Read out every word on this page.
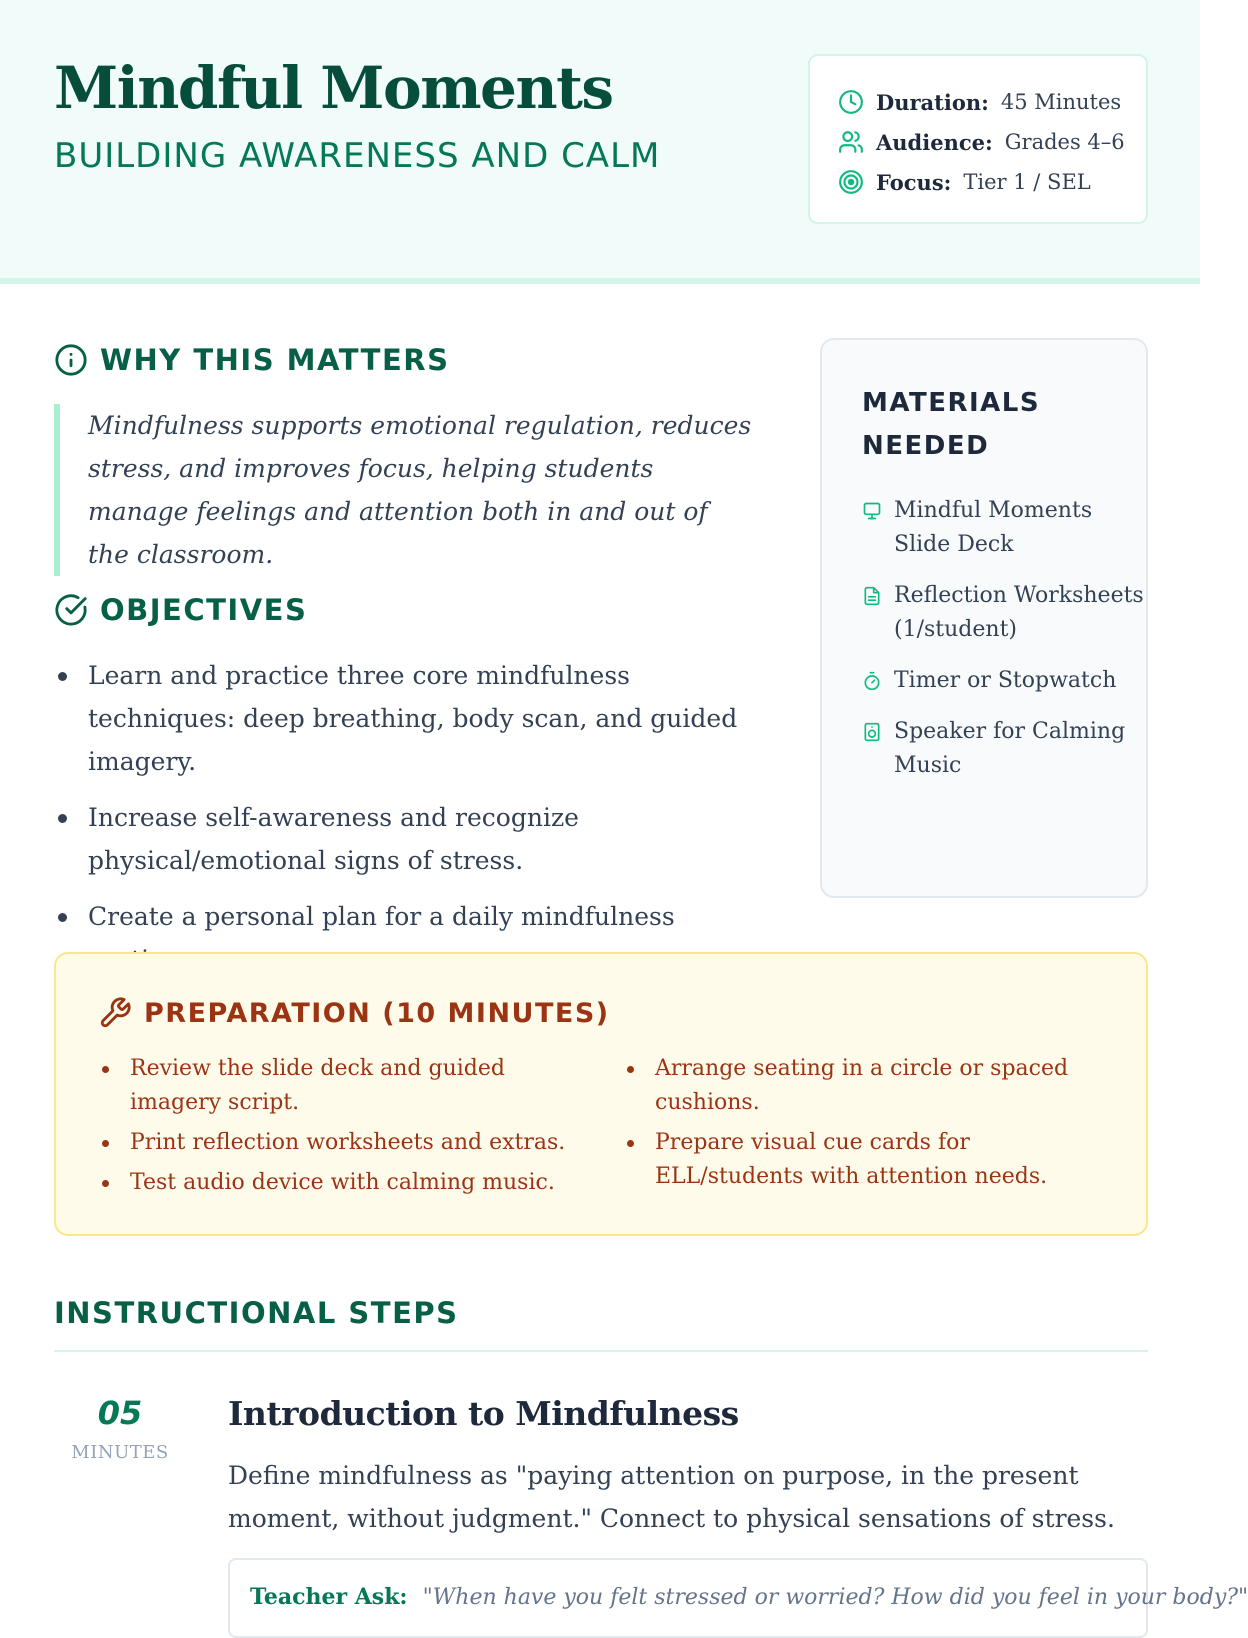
Mindful Moments
BUILDING AWARENESS AND CALM
Duration: 45 Minutes
Audience: Grades 4–6
Focus: Tier 1 / SEL
WHY THIS MATTERS
Mindfulness supports emotional regulation, reduces stress, and improves focus, helping students manage feelings and attention both in and out of the classroom.
OBJECTIVES
Learn and practice three core mindfulness techniques: deep breathing, body scan, and guided imagery.
Increase self-awareness and recognize physical/emotional signs of stress.
Create a personal plan for a daily mindfulness
MATERIALS NEEDED
Mindful Moments Slide Deck
Reflection Worksheets (1/student)
Timer or Stopwatch
Speaker for Calming Music
PREPARATION (10 MINUTES)
Review the slide deck and guided imagery script.
Print reflection worksheets and extras.
Test audio device with calming music.
Arrange seating in a circle or spaced cushions.
Prepare visual cue cards for ELL/students with attention needs.
INSTRUCTIONAL STEPS
05
MINUTES
Introduction to Mindfulness
Define mindfulness as "paying attention on purpose, in the present moment, without judgment." Connect to physical sensations of stress.
Teacher Ask: "When have you felt stressed or worried? How did you feel in your body?"
